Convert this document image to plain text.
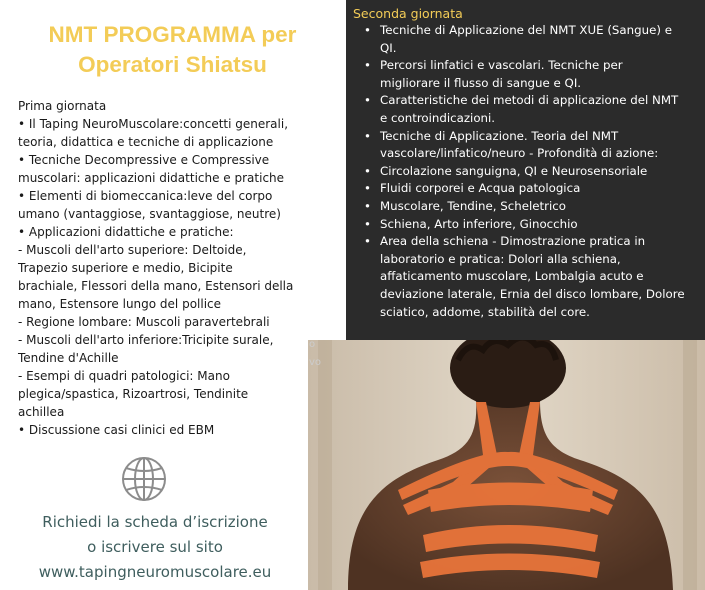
NMT PROGRAMMA per
Operatori Shiatsu
Prima giornata
• Il Taping NeuroMuscolare:concetti generali,
teoria, didattica e tecniche di applicazione
• Tecniche Decompressive e Compressive
muscolari: applicazioni didattiche e pratiche
• Elementi di biomeccanica:leve del corpo
umano (vantaggiose, svantaggiose, neutre)
• Applicazioni didattiche e pratiche:
- Muscoli dell'arto superiore: Deltoide,
Trapezio superiore e medio, Bicipite
brachiale, Flessori della mano, Estensori della
mano, Estensore lungo del pollice
- Regione lombare: Muscoli paravertebrali
- Muscoli dell'arto inferiore:Tricipite surale,
Tendine d'Achille
- Esempi di quadri patologici: Mano
plegica/spastica, Rizoartrosi, Tendinite
achillea
• Discussione casi clinici ed EBM
Richiedi la scheda d’iscrizione
o iscrivere sul sito
www.tapingneuromuscolare.eu
Seconda giornata
• Tecniche di Applicazione del NMT XUE (Sangue) e
QI.
• Percorsi linfatici e vascolari. Tecniche per
migliorare il flusso di sangue e QI.
• Caratteristiche dei metodi di applicazione del NMT
e controindicazioni.
• Tecniche di Applicazione. Teoria del NMT
vascolare/linfatico/neuro - Profondità di azione:
• Circolazione sanguigna, QI e Neurosensoriale
• Fluidi corporei e Acqua patologica
• Muscolare, Tendine, Scheletrico
• Schiena, Arto inferiore, Ginocchio
• Area della schiena - Dimostrazione pratica in
laboratorio e pratica: Dolori alla schiena,
affaticamento muscolare, Lombalgia acuto e
deviazione laterale, Ernia del disco lombare, Dolore
sciatico, addome, stabilità del core.
o
vo
